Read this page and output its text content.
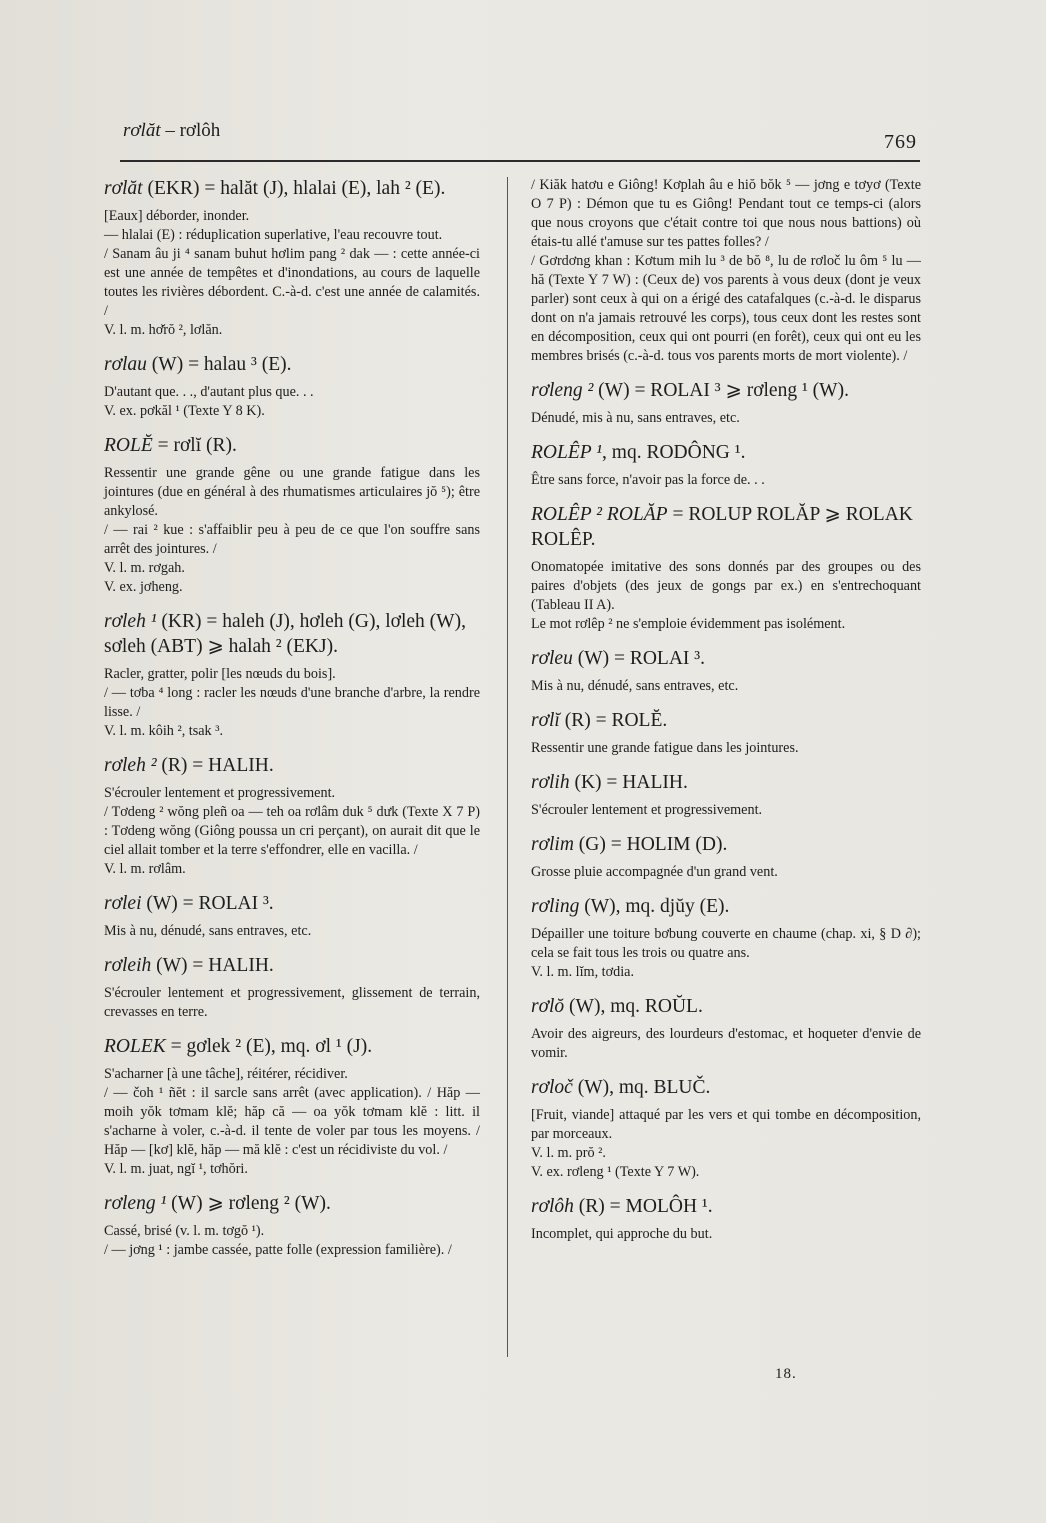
rơlăt – rơlôh
769
rơlăt (EKR) = halăt (J), hlalai (E), lah ² (E).

[Eaux] déborder, inonder.

— hlalai (E) : réduplication superlative, l'eau recouvre tout.

/ Sanam âu ji ⁴ sanam buhut hơlim pang ² dak — : cette année-ci est une année de tempêtes et d'inondations, au cours de laquelle toutes les rivières débordent. C.-à-d. c'est une année de calamités. /

V. l. m. hơ̆rŏ ², lơlăn.

rơlau (W) = halau ³ (E).

D'autant que. . ., d'autant plus que. . .

V. ex. pơkăl ¹ (Texte Y 8 K).

ROLĔ = rơlĭ (R).

Ressentir une grande gêne ou une grande fatigue dans les jointures (due en général à des rhumatismes articulaires jŏ ⁵); être ankylosé.

/ — rai ² kue : s'affaiblir peu à peu de ce que l'on souffre sans arrêt des jointures. /

V. l. m. rơgah.

V. ex. jơheng.

rơleh ¹ (KR) = haleh (J), hơleh (G), lơleh (W), sơleh (ABT) ⩾ halah ² (EKJ).

Racler, gratter, polir [les nœuds du bois].

/ — tơba ⁴ long : racler les nœuds d'une branche d'arbre, la rendre lisse. /

V. l. m. kôih ², tsak ³.

rơleh ² (R) = HALIH.

S'écrouler lentement et progressivement.

/ Tơdeng ² wŏng pleñ oa — teh oa rơlâm duk ⁵ dưk (Texte X 7 P) : Tơdeng wŏng (Giông poussa un cri perçant), on aurait dit que le ciel allait tomber et la terre s'effondrer, elle en vacilla. /

V. l. m. rơlâm.

rơlei (W) = ROLAI ³.

Mis à nu, dénudé, sans entraves, etc.

rơleih (W) = HALIH.

S'écrouler lentement et progressivement, glissement de terrain, crevasses en terre.

ROLEK = gơlek ² (E), mq. ơl ¹ (J).

S'acharner [à une tâche], réitérer, récidiver.

/ — čoh ¹ ñĕt : il sarcle sans arrêt (avec application). / Hăp — moih yŏk tơmam klĕ; hăp că — oa yŏk tơmam klĕ : litt. il s'acharne à voler, c.-à-d. il tente de voler par tous les moyens. / Hăp — [kơ] klĕ, hăp — mă klĕ : c'est un récidiviste du vol. /

V. l. m. juat, ngĭ ¹, tơhŏri.

rơleng ¹ (W) ⩾ rơleng ² (W).

Cassé, brisé (v. l. m. tơgŏ ¹).

/ — jơng ¹ : jambe cassée, patte folle (expression familière). /

/ Kiăk hatơu e Giông! Kơplah âu e hiŏ bŏk ⁵ — jơng e tơyơ (Texte O 7 P) : Démon que tu es Giông! Pendant tout ce temps-ci (alors que nous croyons que c'était contre toi que nous nous battions) où étais-tu allé t'amuse sur tes pattes folles? /

/ Gơrdơng khan : Kơtum mih lu ³ de bŏ ⁸, lu de rơloč lu ôm ⁵ lu — hă (Texte Y 7 W) : (Ceux de) vos parents à vous deux (dont je veux parler) sont ceux à qui on a érigé des catafalques (c.-à-d. le disparus dont on n'a jamais retrouvé les corps), tous ceux dont les restes sont en décomposition, ceux qui ont pourri (en forêt), ceux qui ont eu les membres brisés (c.-à-d. tous vos parents morts de mort violente). /

rơleng ² (W) = ROLAI ³ ⩾ rơleng ¹ (W).

Dénudé, mis à nu, sans entraves, etc.

ROLÊP ¹, mq. RODÔNG ¹.

Être sans force, n'avoir pas la force de. . .

ROLÊP ² ROLĂP = ROLUP ROLĂP ⩾ ROLAK ROLÊP.

Onomatopée imitative des sons donnés par des groupes ou des paires d'objets (des jeux de gongs par ex.) en s'entrechoquant (Tableau II A).

Le mot rơlêp ² ne s'emploie évidemment pas isolément.

rơleu (W) = ROLAI ³.

Mis à nu, dénudé, sans entraves, etc.

rơlĭ (R) = ROLĔ.

Ressentir une grande fatigue dans les jointures.

rơlih (K) = HALIH.

S'écrouler lentement et progressivement.

rơlim (G) = HOLIM (D).

Grosse pluie accompagnée d'un grand vent.

rơling (W), mq. djŭy (E).

Dépailler une toiture bơbung couverte en chaume (chap. xi, § D ∂); cela se fait tous les trois ou quatre ans.

V. l. m. lĭm, tơdia.

rơlŏ (W), mq. ROŬL.

Avoir des aigreurs, des lourdeurs d'estomac, et hoqueter d'envie de vomir.

rơloč (W), mq. BLUČ.

[Fruit, viande] attaqué par les vers et qui tombe en décomposition, par morceaux.

V. l. m. prŏ ².

V. ex. rơleng ¹ (Texte Y 7 W).

rơlôh (R) = MOLÔH ¹.

Incomplet, qui approche du but.

18.
